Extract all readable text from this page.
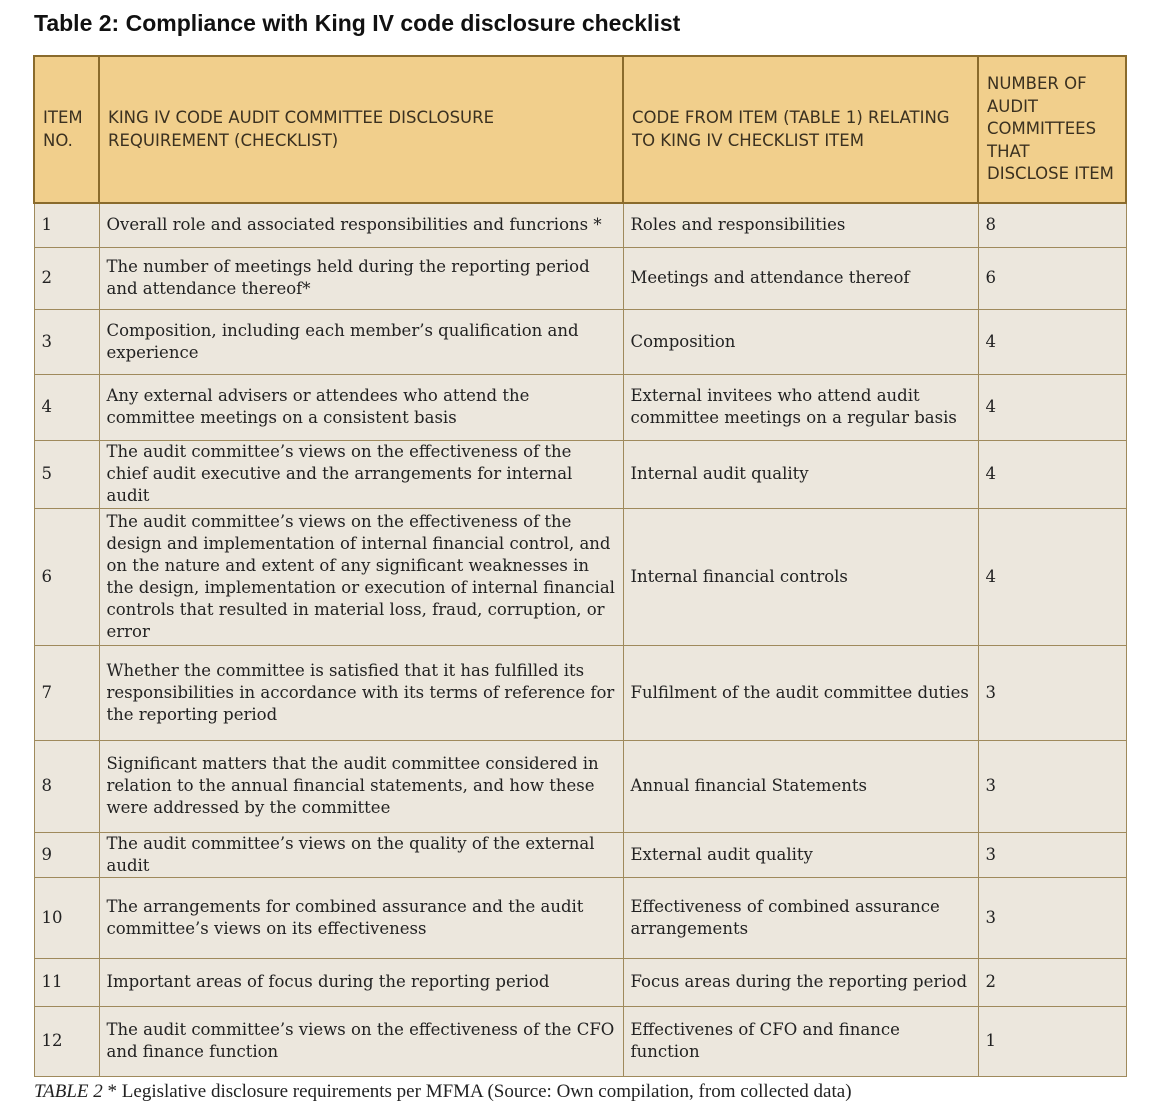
Table 2: Compliance with King IV code disclosure checklist
ITEM NO.	KING IV CODE AUDIT COMMITTEE DISCLOSURE REQUIREMENT (CHECKLIST)	CODE FROM ITEM (TABLE 1) RELATING TO KING IV CHECKLIST ITEM	NUMBER OF AUDIT COMMITTEES THAT DISCLOSE ITEM
1	Overall role and associated responsibilities and funcrions *	Roles and responsibilities	8
2	The number of meetings held during the reporting period and attendance thereof*	Meetings and attendance thereof	6
3	Composition, including each member’s qualification and experience	Composition	4
4	Any external advisers or attendees who attend the committee meetings on a consistent basis	External invitees who attend audit committee meetings on a regular basis	4
5	The audit committee’s views on the effectiveness of the chief audit executive and the arrangements for internal audit	Internal audit quality	4
6	The audit committee’s views on the effectiveness of the design and implementation of internal financial control, and on the nature and extent of any significant weaknesses in the design, implementation or execution of internal financial controls that resulted in material loss, fraud, corruption, or error	Internal financial controls	4
7	Whether the committee is satisfied that it has fulfilled its responsibilities in accordance with its terms of reference for the reporting period	Fulfilment of the audit committee duties	3
8	Significant matters that the audit committee considered in relation to the annual financial statements, and how these were addressed by the committee	Annual financial Statements	3
9	The audit committee’s views on the quality of the external audit	External audit quality	3
10	The arrangements for combined assurance and the audit committee’s views on its effectiveness	Effectiveness of combined assurance arrangements	3
11	Important areas of focus during the reporting period	Focus areas during the reporting period	2
12	The audit committee’s views on the effectiveness of the CFO and finance function	Effectivenes of CFO and finance function	1
TABLE 2 * Legislative disclosure requirements per MFMA (Source: Own compilation, from collected data)
